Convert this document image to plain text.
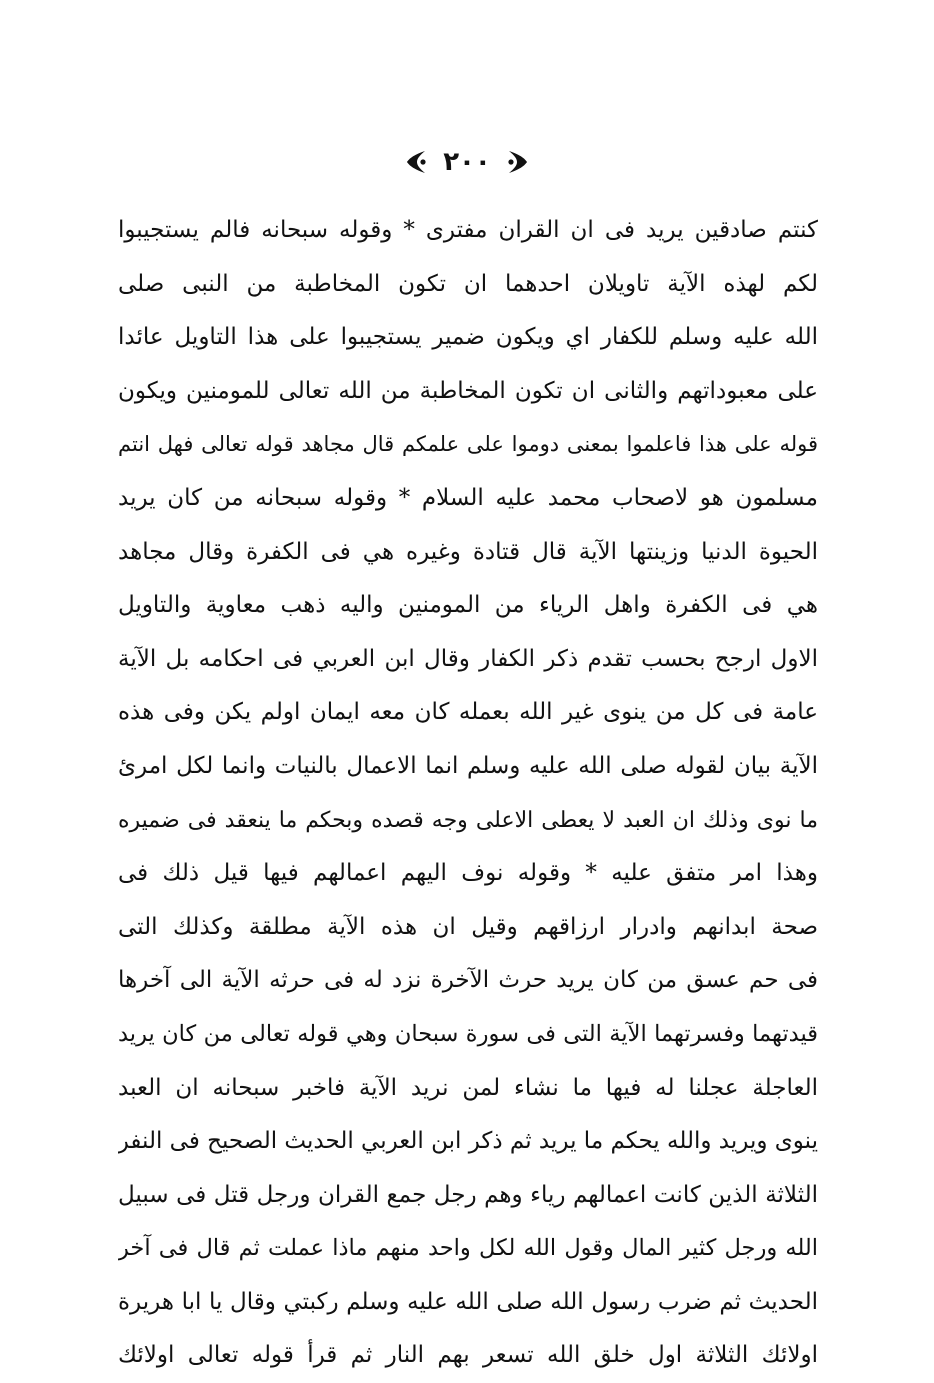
٢٠٠
كنتم صادقين يريد فى ان القران مفترى * وقوله سبحانه فالم يستجيبوا
لكم لهذه الآية تاويلان احدهما ان تكون المخاطبة من النبى صلى
الله عليه وسلم للكفار اي ويكون ضمير يستجيبوا على هذا التاويل عائدا
على معبوداتهم والثانى ان تكون المخاطبة من الله تعالى للمومنين ويكون
قوله على هذا فاعلموا بمعنى دوموا على علمكم قال مجاهد قوله تعالى فهل انتم
مسلمون هو لاصحاب محمد عليه السلام * وقوله سبحانه من كان يريد
الحيوة الدنيا وزينتها الآية قال قتادة وغيره هي فى الكفرة وقال مجاهد
هي فى الكفرة واهل الرياء من المومنين واليه ذهب معاوية والتاويل
الاول ارجح بحسب تقدم ذكر الكفار وقال ابن العربي فى احكامه بل الآية
عامة فى كل من ينوى غير الله بعمله كان معه ايمان اولم يكن وفى هذه
الآية بيان لقوله صلى الله عليه وسلم انما الاعمال بالنيات وانما لكل امرئ
ما نوى وذلك ان العبد لا يعطى الاعلى وجه قصده وبحكم ما ينعقد فى ضميره
وهذا امر متفق عليه * وقوله نوف اليهم اعمالهم فيها قيل ذلك فى
صحة ابدانهم وادرار ارزاقهم وقيل ان هذه الآية مطلقة وكذلك التى
فى حم عسق من كان يريد حرث الآخرة نزد له فى حرثه الآية الى آخرها
قيدتهما وفسرتهما الآية التى فى سورة سبحان وهي قوله تعالى من كان يريد
العاجلة عجلنا له فيها ما نشاء لمن نريد الآية فاخبر سبحانه ان العبد
ينوى ويريد والله يحكم ما يريد ثم ذكر ابن العربي الحديث الصحيح فى النفر
الثلاثة الذين كانت اعمالهم رياء وهم رجل جمع القران ورجل قتل فى سبيل
الله ورجل كثير المال وقول الله لكل واحد منهم ماذا عملت ثم قال فى آخر
الحديث ثم ضرب رسول الله صلى الله عليه وسلم ركبتي وقال يا ابا هريرة
اولائك الثلاثة اول خلق الله تسعر بهم النار ثم قرأ قوله تعالى اولائك
